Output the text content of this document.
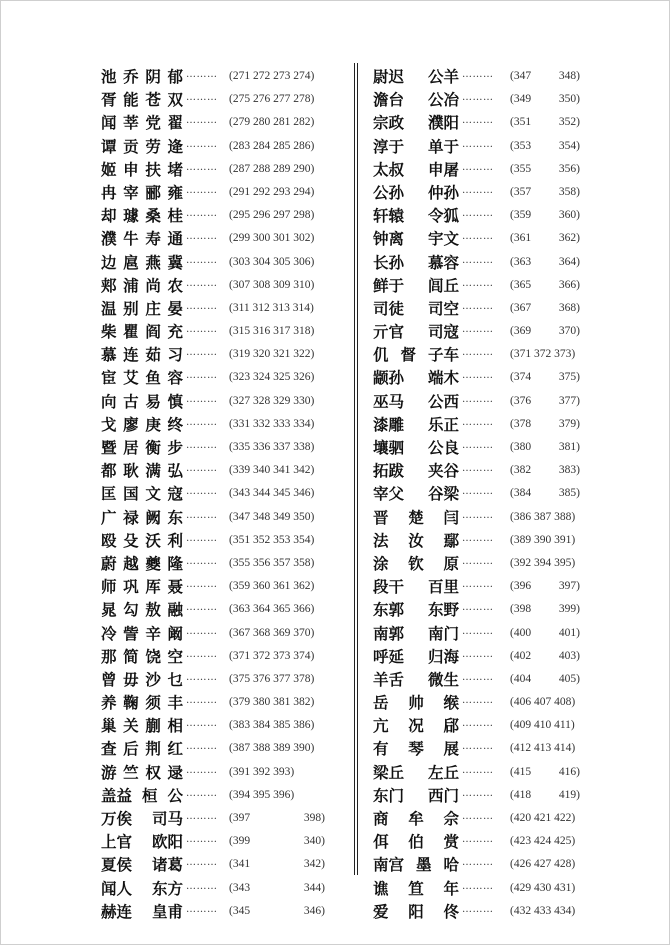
池 乔 阴 郁 ……… (271 272 273 274)
胥 能 苍 双 ……… (275 276 277 278)
闻 莘 党 翟 ……… (279 280 281 282)
谭 贡 劳 逄 ……… (283 284 285 286)
姬 申 扶 堵 ……… (287 288 289 290)
冉 宰 郦 雍 ……… (291 292 293 294)
却 璩 桑 桂 ……… (295 296 297 298)
濮 牛 寿 通 ……… (299 300 301 302)
边 扈 燕 冀 ……… (303 304 305 306)
郏 浦 尚 农 ……… (307 308 309 310)
温 别 庄 晏 ……… (311 312 313 314)
柴 瞿 阎 充 ……… (315 316 317 318)
慕 连 茹 习 ……… (319 320 321 322)
宦 艾 鱼 容 ……… (323 324 325 326)
向 古 易 慎 ……… (327 328 329 330)
戈 廖 庚 终 ……… (331 332 333 334)
暨 居 衡 步 ……… (335 336 337 338)
都 耿 满 弘 ……… (339 340 341 342)
匡 国 文 寇 ……… (343 344 345 346)
广 禄 阙 东 ……… (347 348 349 350)
殴 殳 沃 利 ……… (351 352 353 354)
蔚 越 夔 隆 ……… (355 356 357 358)
师 巩 厍 聂 ……… (359 360 361 362)
晁 勾 敖 融 ……… (363 364 365 366)
冷 訾 辛 阚 ……… (367 368 369 370)
那 简 饶 空 ……… (371 372 373 374)
曾 毋 沙 乜 ……… (375 376 377 378)
养 鞠 须 丰 ……… (379 380 381 382)
巢 关 蒯 相 ……… (383 384 385 386)
查 后 荆 红 ……… (387 388 389 390)
游 竺 权 逯 ……… (391 392 393)
盖益 桓 公 ……… (394 395 396)
万俟 司马 ……… (397	398)
上官 欧阳 ……… (399	340)
夏侯 诸葛 ……… (341	342)
闻人 东方 ……… (343	344)
赫连 皇甫 ……… (345	346)
尉迟 公羊 ……… (347 348)
澹台 公冶 ……… (349 350)
宗政 濮阳 ……… (351 352)
淳于 单于 ……… (353 354)
太叔 申屠 ……… (355 356)
公孙 仲孙 ……… (357 358)
轩辕 令狐 ……… (359 360)
钟离 宇文 ……… (361 362)
长孙 慕容 ……… (363 364)
鲜于 闾丘 ……… (365 366)
司徒 司空 ……… (367 368)
亓官 司寇 ……… (369 370)
仉 督 子车 ……… (371 372 373)
颛孙 端木 ……… (374 375)
巫马 公西 ……… (376 377)
漆雕 乐正 ……… (378 379)
壤驷 公良 ……… (380 381)
拓跋 夹谷 ……… (382 383)
宰父 谷梁 ……… (384 385)
晋 楚 闫 ……… (386 387 388)
法 汝 鄢 ……… (389 390 391)
涂 钦 原 ……… (392 394 395)
段干 百里 ……… (396 397)
东郭 东野 ……… (398 399)
南郭 南门 ……… (400 401)
呼延 归海 ……… (402 403)
羊舌 微生 ……… (404 405)
岳 帅 缑 ……… (406 407 408)
亢 况 郈 ……… (409 410 411)
有 琴 展 ……… (412 413 414)
梁丘 左丘 ……… (415 416)
东门 西门 ……… (418 419)
商 牟 佘 ……… (420 421 422)
佴 伯 赏 ……… (423 424 425)
南宫 墨 哈 ……… (426 427 428)
谯 笪 年 ……… (429 430 431)
爱 阳 佟 ……… (432 433 434)
